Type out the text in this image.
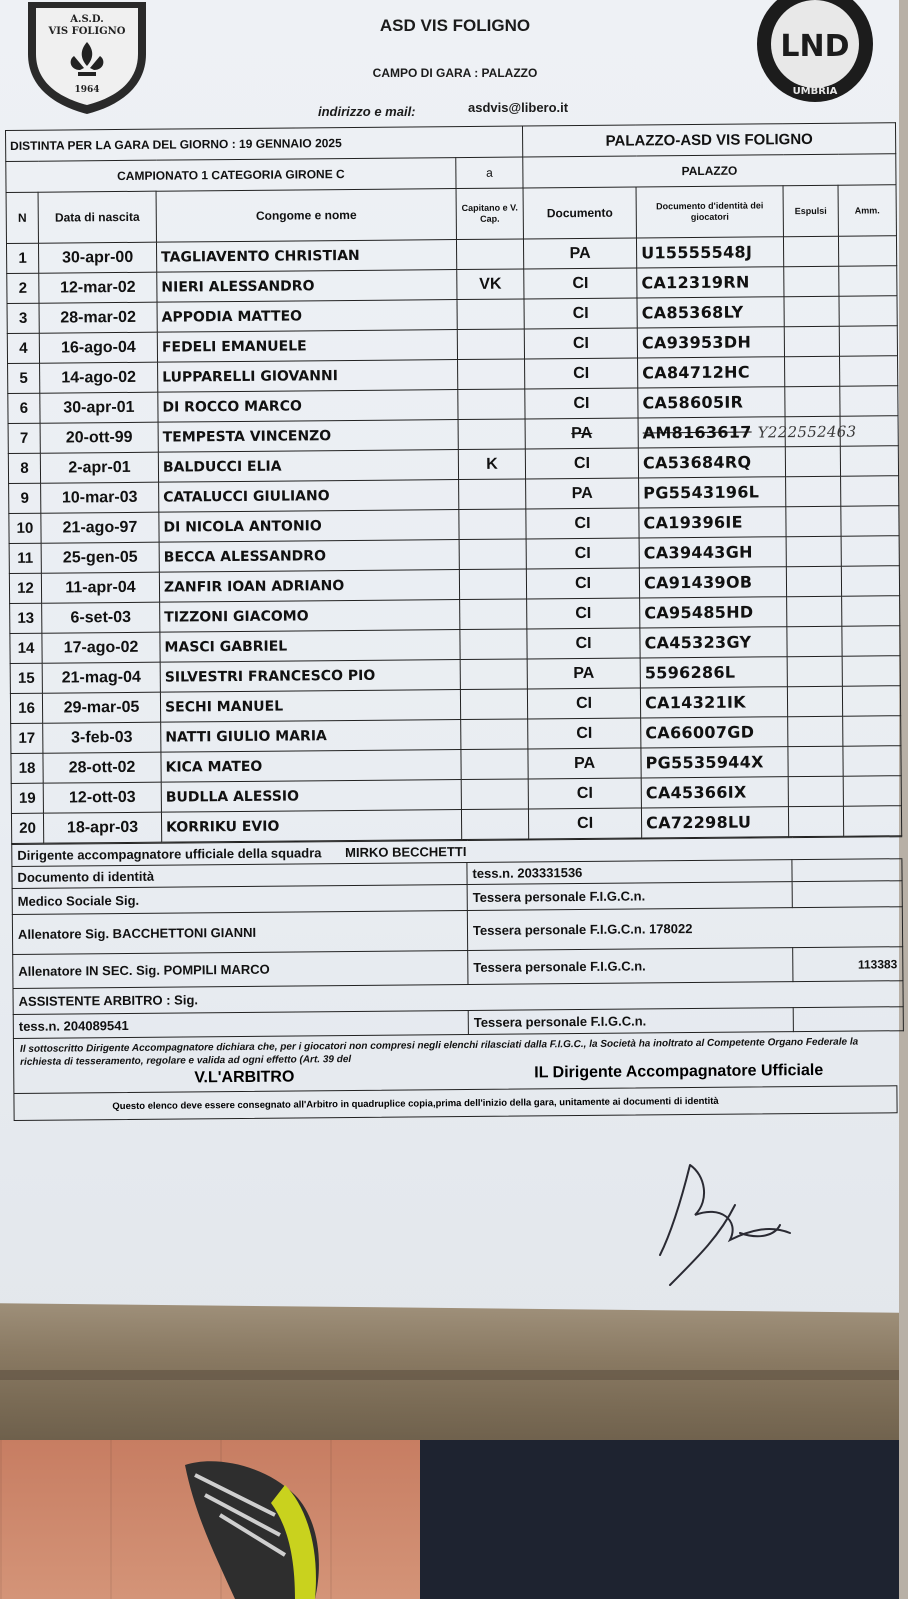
A.S.D.
VIS FOLIGNO
1964
ASD VIS FOLIGNO
CAMPO DI GARA : PALAZZO
indirizzo e mail:	asdvis@libero.it
LND
UMBRIA
DISTINTA PER LA GARA DEL GIORNO : 19 GENNAIO 2025				PALAZZO-ASD VIS FOLIGNO			
CAMPIONATO 1 CATEGORIA GIRONE C			a	PALAZZO			
N	Data di nascita	Congome e nome	Capitano e V. Cap.	Documento	Documento d'identità dei giocatori	Espulsi	Amm.
1	30-apr-00	TAGLIAVENTO CHRISTIAN		PA	U15555548J		
2	12-mar-02	NIERI ALESSANDRO	VK	CI	CA12319RN		
3	28-mar-02	APPODIA MATTEO		CI	CA85368LY		
4	16-ago-04	FEDELI EMANUELE		CI	CA93953DH		
5	14-ago-02	LUPPARELLI GIOVANNI		CI	CA84712HC		
6	30-apr-01	DI ROCCO MARCO		CI	CA58605IR		
7	20-ott-99	TEMPESTA VINCENZO		PA	AM8163617 Y222552463		
8	2-apr-01	BALDUCCI ELIA	K	CI	CA53684RQ		
9	10-mar-03	CATALUCCI GIULIANO		PA	PG5543196L		
10	21-ago-97	DI NICOLA ANTONIO		CI	CA19396IE		
11	25-gen-05	BECCA ALESSANDRO		CI	CA39443GH		
12	11-apr-04	ZANFIR IOAN ADRIANO		CI	CA91439OB		
13	6-set-03	TIZZONI GIACOMO		CI	CA95485HD		
14	17-ago-02	MASCI GABRIEL		CI	CA45323GY		
15	21-mag-04	SILVESTRI FRANCESCO PIO		PA	5596286L		
16	29-mar-05	SECHI MANUEL		CI	CA14321IK		
17	3-feb-03	NATTI GIULIO MARIA		CI	CA66007GD		
18	28-ott-02	KICA MATEO		PA	PG5535944X		
19	12-ott-03	BUDLLA ALESSIO		CI	CA45366IX		
20	18-apr-03	KORRIKU EVIO		CI	CA72298LU		
Dirigente accompagnatore ufficiale della squadra MIRKO BECCHETTI		
Documento di identità	tess.n. 203331536	
Medico Sociale Sig.	Tessera personale F.I.G.C.n.	
Allenatore Sig. BACCHETTONI GIANNI	Tessera personale F.I.G.C.n. 178022	
Allenatore IN SEC. Sig. POMPILI MARCO	Tessera personale F.I.G.C.n.	113383
ASSISTENTE ARBITRO : Sig.		
tess.n. 204089541	Tessera personale F.I.G.C.n.	
Il sottoscritto Dirigente Accompagnatore dichiara che, per i giocatori non compresi negli elenchi rilasciati dalla F.I.G.C., la Società ha inoltrato al Competente Organo Federale la richiesta di tesseramento, regolare e valida ad ogni effetto (Art. 39 del
V.L'ARBITRO	IL Dirigente Accompagnatore Ufficiale
Questo elenco deve essere consegnato all'Arbitro in quadruplice copia,prima dell'inizio della gara, unitamente ai documenti di identità
